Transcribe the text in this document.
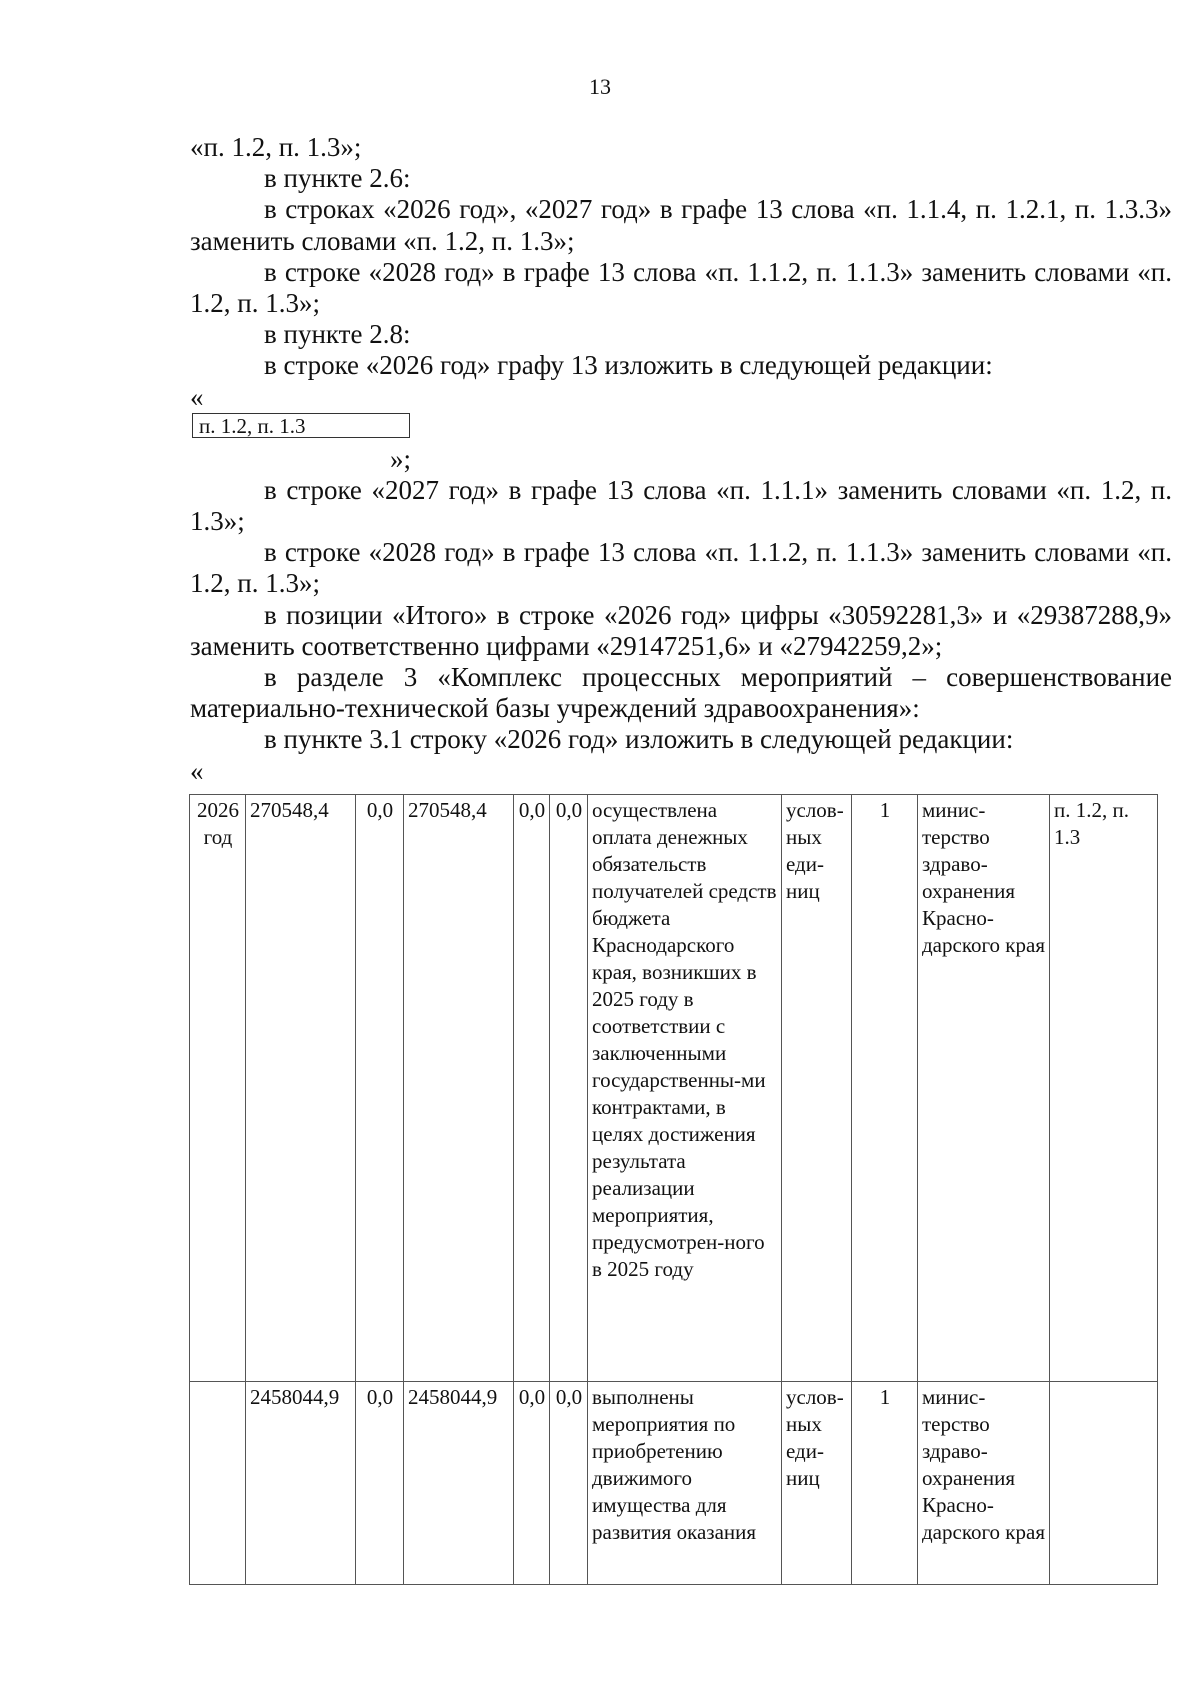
13

«п. 1.2, п. 1.3»;

в пункте 2.6:

в строках «2026 год», «2027 год» в графе 13 слова «п. 1.1.4, п. 1.2.1, п. 1.3.3» заменить словами «п. 1.2, п. 1.3»;

в строке «2028 год» в графе 13 слова «п. 1.1.2, п. 1.1.3» заменить словами «п. 1.2, п. 1.3»;

в пункте 2.8:

в строке «2026 год» графу 13 изложить в следующей редакции:

«
п. 1.2, п. 1.3
»;

в строке «2027 год» в графе 13 слова «п. 1.1.1» заменить словами «п. 1.2, п. 1.3»;

в строке «2028 год» в графе 13 слова «п. 1.1.2, п. 1.1.3» заменить словами «п. 1.2, п. 1.3»;

в позиции «Итого» в строке «2026 год» цифры «30592281,3» и «29387288,9» заменить соответственно цифрами «29147251,6» и «27942259,2»;

в разделе 3 «Комплекс процессных мероприятий – совершенствование материально-технической базы учреждений здравоохранения»:

в пункте 3.1 строку «2026 год» изложить в следующей редакции:

«
2026 год	270548,4	0,0	270548,4	0,0	0,0	осуществлена оплата денежных обязательств получателей средств бюджета Краснодарского края, возникших в 2025 году в соответствии с заключенными государственны-ми контрактами, в целях достижения результата реализации мероприятия, предусмотрен-ного в 2025 году	услов-ных еди-ниц	1	минис-терство здраво-охранения Красно-дарского края	п. 1.2, п. 1.3
	2458044,9	0,0	2458044,9	0,0	0,0	выполнены мероприятия по приобретению движимого имущества для развития оказания	услов-ных еди-ниц	1	минис-терство здраво-охранения Красно-дарского края	
